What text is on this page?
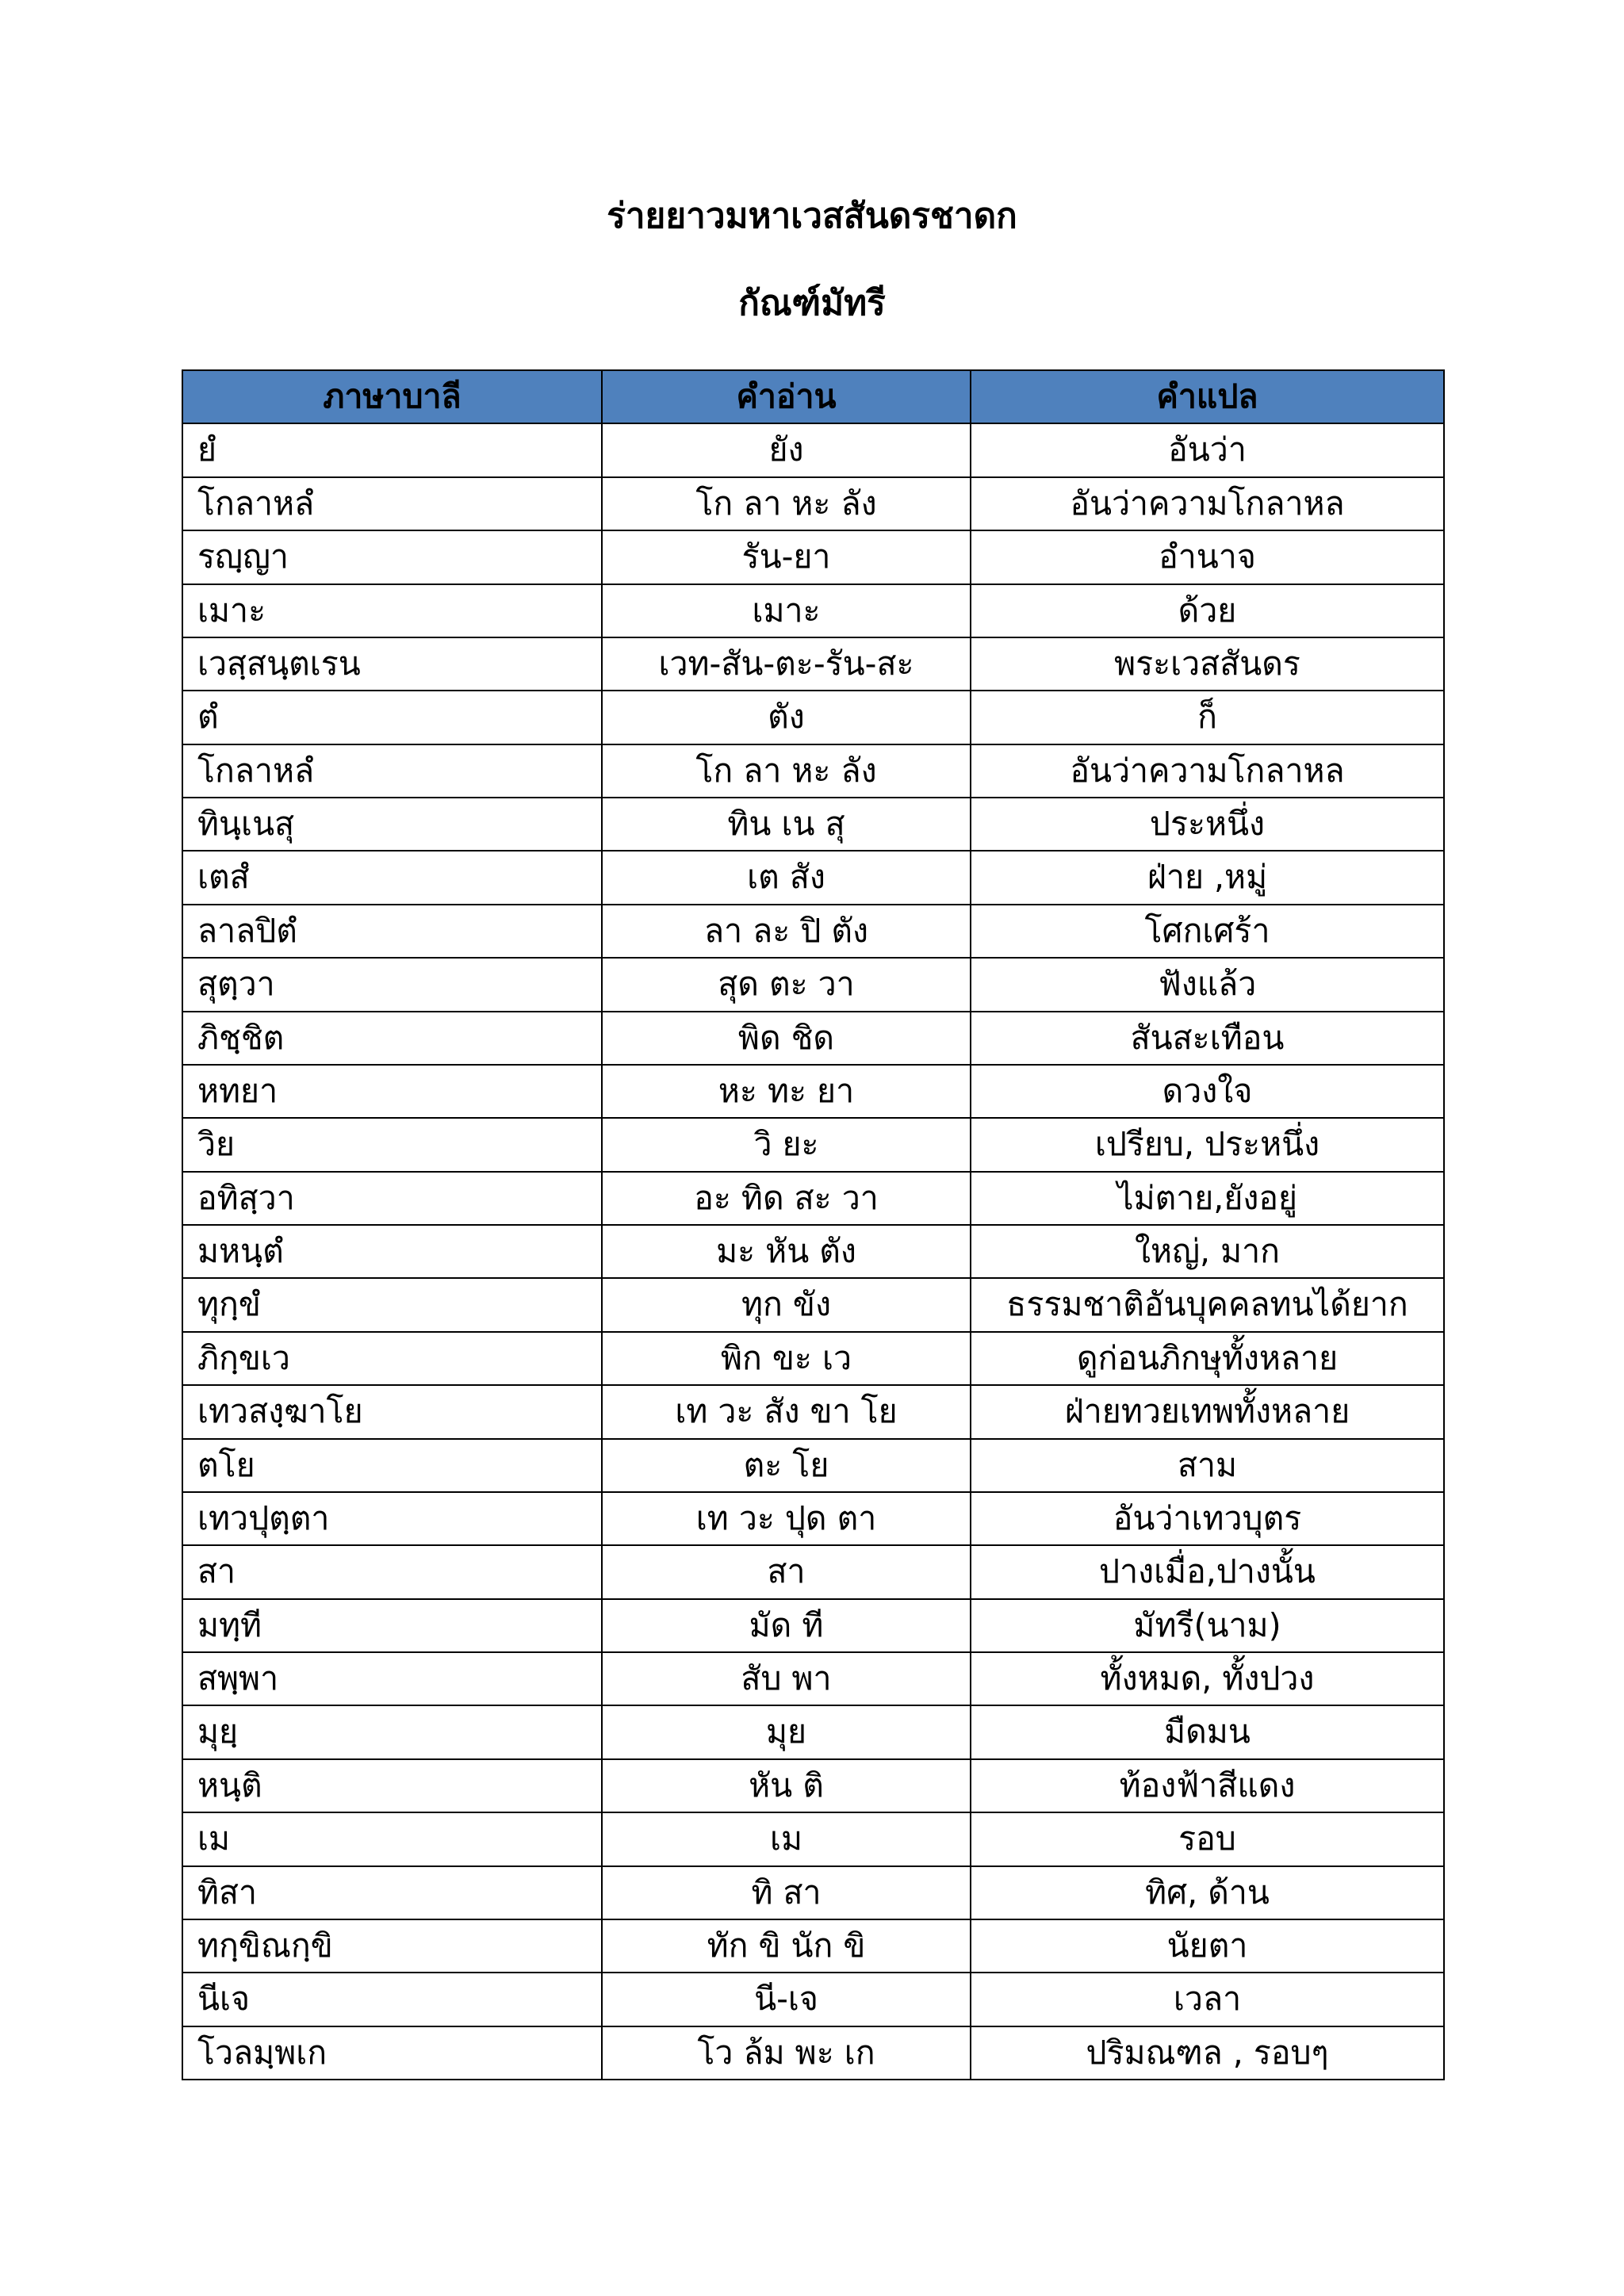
ร่ายยาวมหาเวสสันดรชาดก
กัณฑ์มัทรี
ภาษาบาลี	คำอ่าน	คำแปล
ยํ	ยัง	อันว่า
โกลาหลํ	โก ลา หะ ลัง	อันว่าความโกลาหล
รญฺญา	รัน-ยา	อำนาจ
เมาะ	เมาะ	ด้วย
เวสฺสนฺตเรน	เวท-สัน-ตะ-รัน-สะ	พระเวสสันดร
ตํ	ตัง	ก็
โกลาหลํ	โก ลา หะ ลัง	อันว่าความโกลาหล
ทินฺเนสุ	ทิน เน สุ	ประหนึ่ง
เตสํ	เต สัง	ฝ่าย ,หมู่
ลาลปิตํ	ลา ละ ปิ ตัง	โศกเศร้า
สุตฺวา	สุด ตะ วา	ฟังแล้ว
ภิชฺชิต	พิด ชิด	สันสะเทือน
หทยา	หะ ทะ ยา	ดวงใจ
วิย	วิ ยะ	เปรียบ, ประหนึ่ง
อทิสฺวา	อะ ทิด สะ วา	ไม่ตาย,ยังอยู่
มหนฺตํ	มะ หัน ตัง	ใหญ่, มาก
ทุกฺขํ	ทุก ขัง	ธรรมชาติอันบุคคลทนได้ยาก
ภิกฺขเว	พิก ขะ เว	ดูก่อนภิกษุทั้งหลาย
เทวสงฺฆาโย	เท วะ สัง ขา โย	ฝ่ายทวยเทพทั้งหลาย
ตโย	ตะ โย	สาม
เทวปุตฺตา	เท วะ ปุด ตา	อันว่าเทวบุตร
สา	สา	ปางเมื่อ,ปางนั้น
มทฺที	มัด ที	มัทรี(นาม)
สพฺพา	สับ พา	ทั้งหมด, ทั้งปวง
มุยฺ	มุย	มืดมน
หนฺติ	หัน ติ	ท้องฟ้าสีแดง
เม	เม	รอบ
ทิสา	ทิ สา	ทิศ, ด้าน
ทกฺขิณกฺขิ	ทัก ขิ นัก ขิ	นัยตา
นีเจ	นี-เจ	เวลา
โวลมฺพเก	โว ล้ม พะ เก	ปริมณฑล , รอบๆ
